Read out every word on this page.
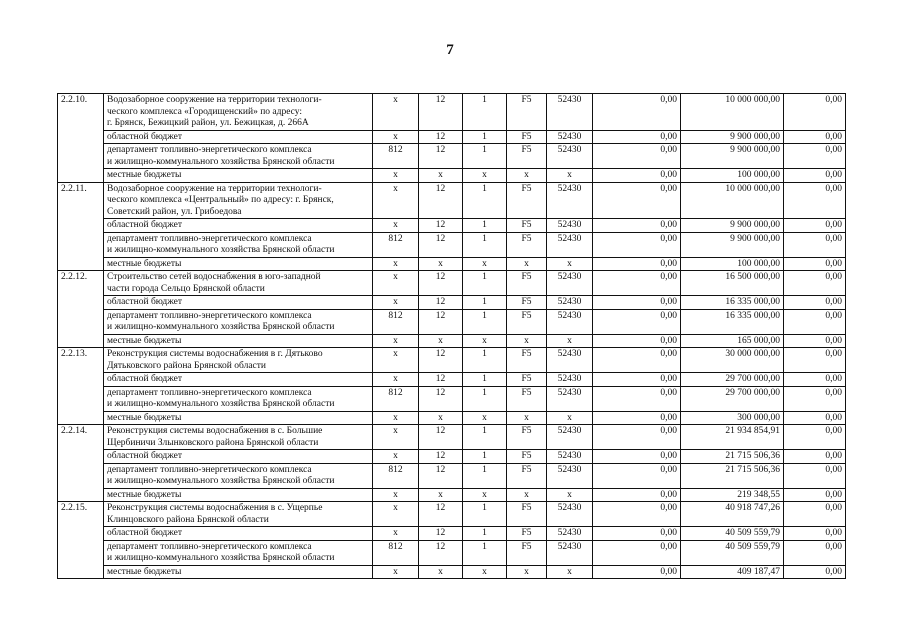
7
2.2.10.	Водозаборное сооружение на территории технологи-
ческого комплекса «Городищенский» по адресу:
г. Брянск, Бежицкий район, ул. Бежицкая, д. 266А	х	12	1	F5	52430	0,00	10 000 000,00	0,00
	областной бюджет	х	12	1	F5	52430	0,00	9 900 000,00	0,00
	департамент топливно-энергетического комплекса
и жилищно-коммунального хозяйства Брянской области	812	12	1	F5	52430	0,00	9 900 000,00	0,00
	местные бюджеты	х	х	х	х	х	0,00	100 000,00	0,00
2.2.11.	Водозаборное сооружение на территории технологи-
ческого комплекса «Центральный» по адресу: г. Брянск,
Советский район, ул. Грибоедова	х	12	1	F5	52430	0,00	10 000 000,00	0,00
	областной бюджет	х	12	1	F5	52430	0,00	9 900 000,00	0,00
	департамент топливно-энергетического комплекса
и жилищно-коммунального хозяйства Брянской области	812	12	1	F5	52430	0,00	9 900 000,00	0,00
	местные бюджеты	х	х	х	х	х	0,00	100 000,00	0,00
2.2.12.	Строительство сетей водоснабжения в юго-западной
части города Сельцо Брянской области	х	12	1	F5	52430	0,00	16 500 000,00	0,00
	областной бюджет	х	12	1	F5	52430	0,00	16 335 000,00	0,00
	департамент топливно-энергетического комплекса
и жилищно-коммунального хозяйства Брянской области	812	12	1	F5	52430	0,00	16 335 000,00	0,00
	местные бюджеты	х	х	х	х	х	0,00	165 000,00	0,00
2.2.13.	Реконструкция системы водоснабжения в г. Дятьково
Дятьковского района Брянской области	х	12	1	F5	52430	0,00	30 000 000,00	0,00
	областной бюджет	х	12	1	F5	52430	0,00	29 700 000,00	0,00
	департамент топливно-энергетического комплекса
и жилищно-коммунального хозяйства Брянской области	812	12	1	F5	52430	0,00	29 700 000,00	0,00
	местные бюджеты	х	х	х	х	х	0,00	300 000,00	0,00
2.2.14.	Реконструкция системы водоснабжения в с. Большие
Щербиничи Злынковского района Брянской области	х	12	1	F5	52430	0,00	21 934 854,91	0,00
	областной бюджет	х	12	1	F5	52430	0,00	21 715 506,36	0,00
	департамент топливно-энергетического комплекса
и жилищно-коммунального хозяйства Брянской области	812	12	1	F5	52430	0,00	21 715 506,36	0,00
	местные бюджеты	х	х	х	х	х	0,00	219 348,55	0,00
2.2.15.	Реконструкция системы водоснабжения в с. Ущерпье
Клинцовского района Брянской области	х	12	1	F5	52430	0,00	40 918 747,26	0,00
	областной бюджет	х	12	1	F5	52430	0,00	40 509 559,79	0,00
	департамент топливно-энергетического комплекса
и жилищно-коммунального хозяйства Брянской области	812	12	1	F5	52430	0,00	40 509 559,79	0,00
	местные бюджеты	х	х	х	х	х	0,00	409 187,47	0,00
